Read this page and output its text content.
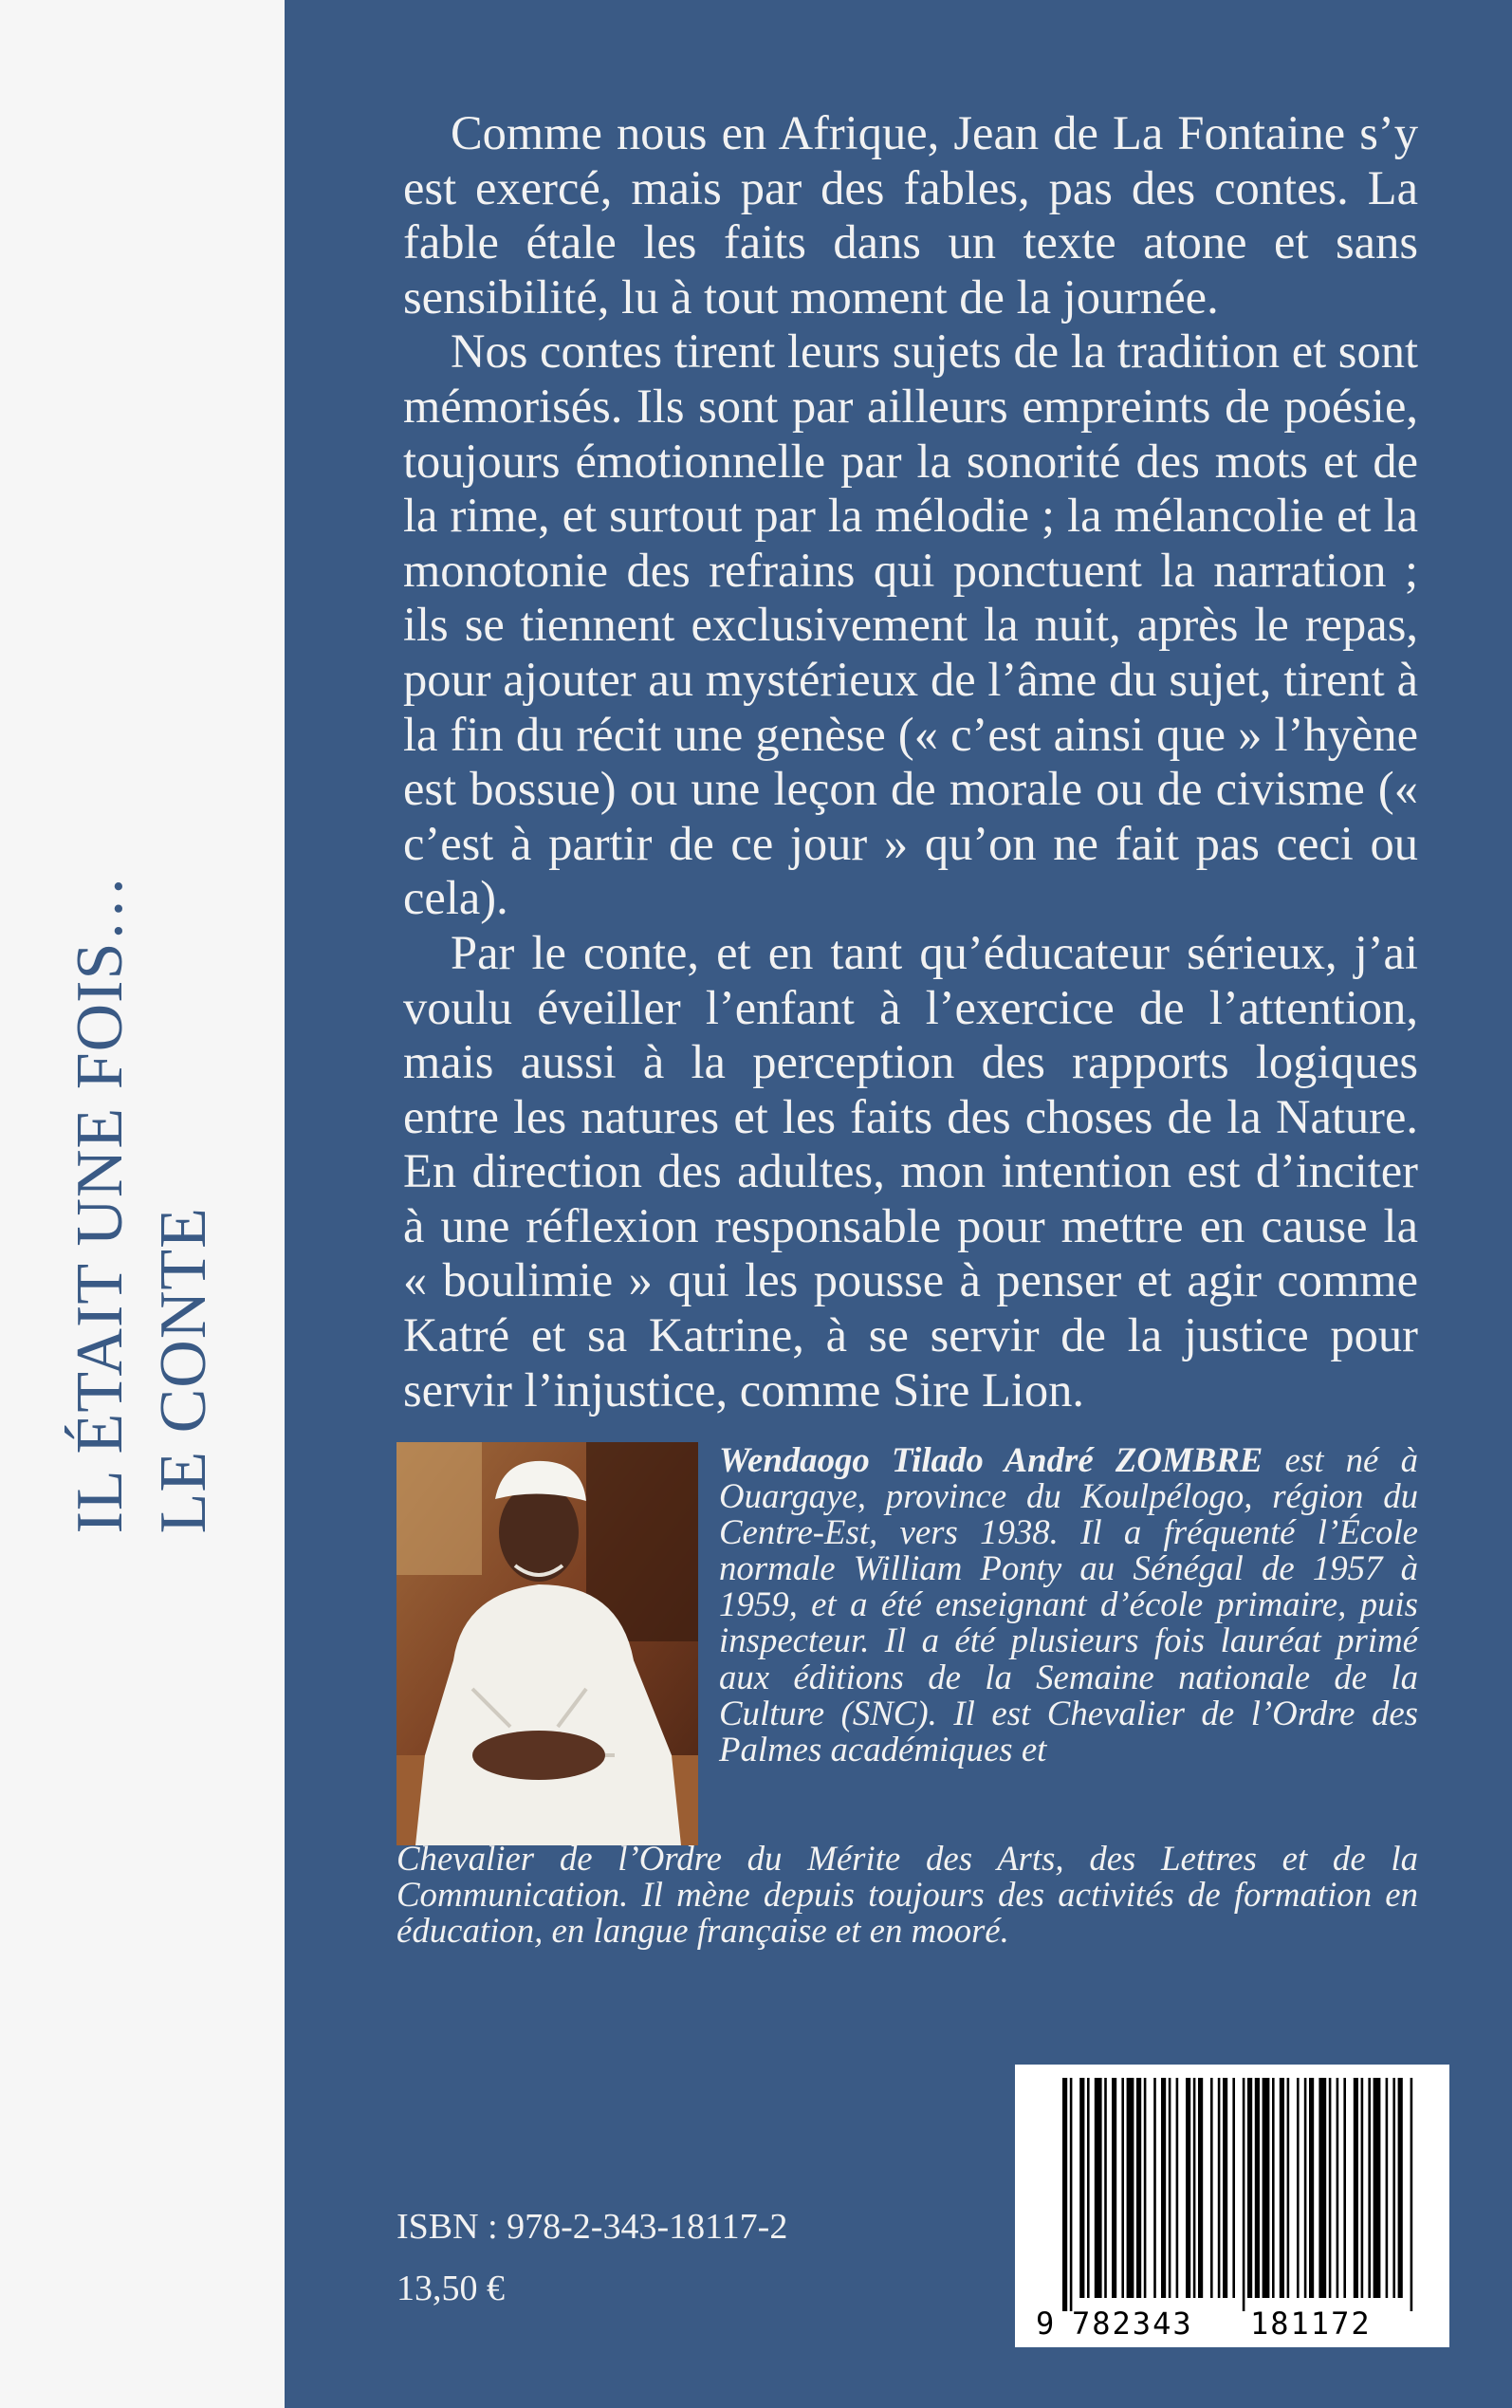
IL ÉTAIT UNE FOIS… LE CONTE

Comme nous en Afrique, Jean de La Fontaine s’y est exercé, mais par des fables, pas des contes. La fable étale les faits dans un texte atone et sans sensibilité, lu à tout moment de la journée.

Nos contes tirent leurs sujets de la tradition et sont mémorisés. Ils sont par ailleurs empreints de poésie, toujours émotionnelle par la sonorité des mots et de la rime, et surtout par la mélodie ; la mélancolie et la monotonie des refrains qui ponctuent la narration ; ils se tiennent exclusivement la nuit, après le repas, pour ajouter au mystérieux de l’âme du sujet, tirent à la fin du récit une genèse (« c’est ainsi que » l’hyène est bossue) ou une leçon de morale ou de civisme (« c’est à partir de ce jour » qu’on ne fait pas ceci ou cela).

Par le conte, et en tant qu’éducateur sérieux, j’ai voulu éveiller l’enfant à l’exercice de l’attention, mais aussi à la perception des rapports logiques entre les natures et les faits des choses de la Nature. En direction des adultes, mon intention est d’inciter à une réflexion responsable pour mettre en cause la « boulimie » qui les pousse à penser et agir comme Katré et sa Katrine, à se servir de la justice pour servir l’injustice, comme Sire Lion.

Wendaogo Tilado André ZOMBRE est né à Ouargaye, province du Koulpélogo, région du Centre-Est, vers 1938. Il a fréquenté l’École normale William Ponty au Sénégal de 1957 à 1959, et a été enseignant d’école primaire, puis inspecteur. Il a été plusieurs fois lauréat primé aux éditions de la Semaine nationale de la Culture (SNC). Il est Chevalier de l’Ordre des Palmes académiques et
Chevalier de l’Ordre du Mérite des Arts, des Lettres et de la Communication. Il mène depuis toujours des activités de formation en éducation, en langue française et en mooré.
ISBN : 978-2-343-18117-2
13,50 €
9 782343 181172
